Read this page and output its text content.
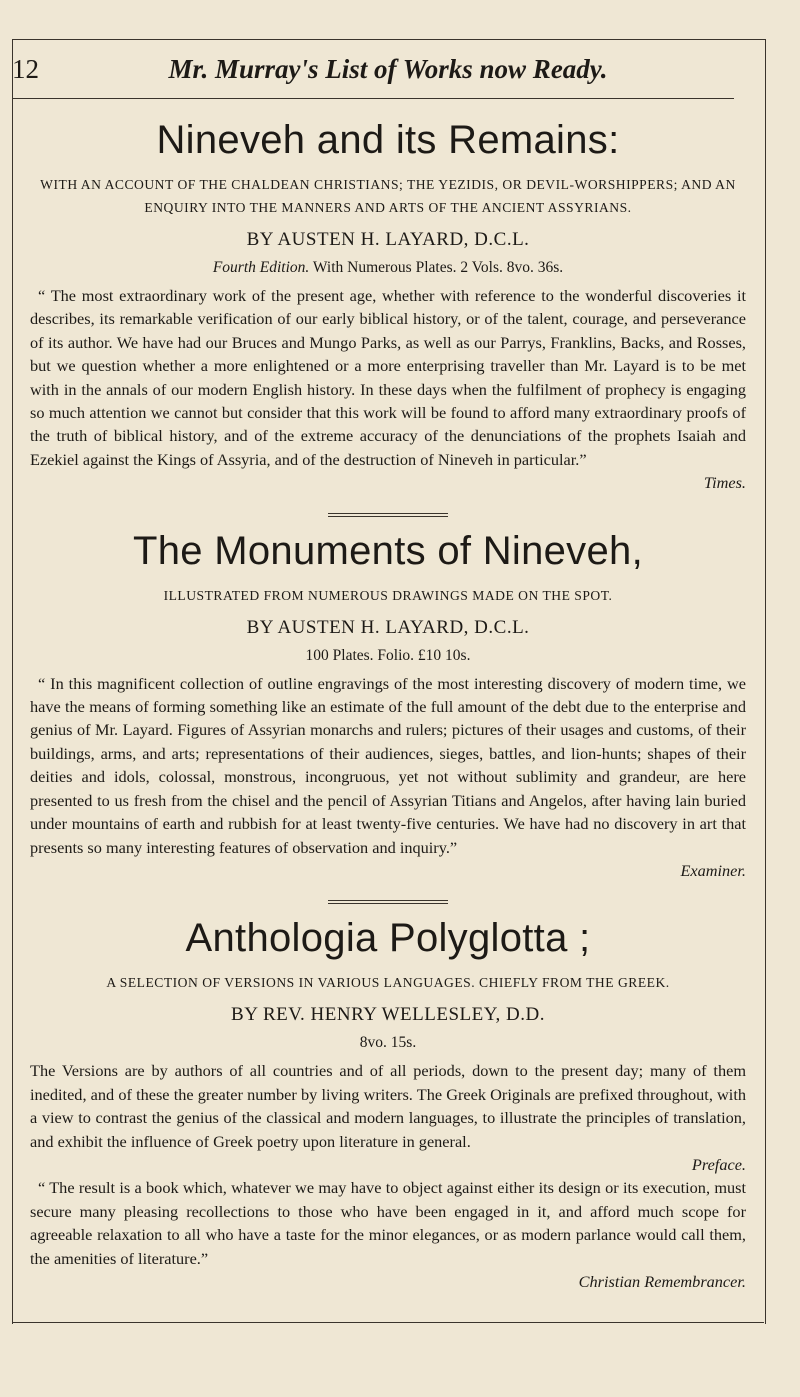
12	Mr. Murray's List of Works now Ready.
Nineveh and its Remains:

WITH AN ACCOUNT OF THE CHALDEAN CHRISTIANS; THE YEZIDIS, OR DEVIL-WORSHIPPERS; AND AN ENQUIRY INTO THE MANNERS AND ARTS OF THE ANCIENT ASSYRIANS.

BY AUSTEN H. LAYARD, D.C.L.
Fourth Edition. With Numerous Plates. 2 Vols. 8vo. 36s.

“ The most extraordinary work of the present age, whether with reference to the wonderful discoveries it describes, its remarkable verification of our early biblical history, or of the talent, courage, and perseverance of its author. We have had our Bruces and Mungo Parks, as well as our Parrys, Franklins, Backs, and Rosses, but we question whether a more enlightened or a more enterprising traveller than Mr. Layard is to be met with in the annals of our modern English history. In these days when the fulfilment of prophecy is engaging so much attention we cannot but consider that this work will be found to afford many extraordinary proofs of the truth of biblical history, and of the extreme accuracy of the denunciations of the prophets Isaiah and Ezekiel against the Kings of Assyria, and of the destruction of Nineveh in particular.”

Times.

The Monuments of Nineveh,

ILLUSTRATED FROM NUMEROUS DRAWINGS MADE ON THE SPOT.

BY AUSTEN H. LAYARD, D.C.L.
100 Plates. Folio. £10 10s.

“ In this magnificent collection of outline engravings of the most interesting discovery of modern time, we have the means of forming something like an estimate of the full amount of the debt due to the enterprise and genius of Mr. Layard. Figures of Assyrian monarchs and rulers; pictures of their usages and customs, of their buildings, arms, and arts; representations of their audiences, sieges, battles, and lion-hunts; shapes of their deities and idols, colossal, monstrous, incongruous, yet not without sublimity and grandeur, are here presented to us fresh from the chisel and the pencil of Assyrian Titians and Angelos, after having lain buried under mountains of earth and rubbish for at least twenty-five centuries. We have had no discovery in art that presents so many interesting features of observation and inquiry.”

Examiner.

Anthologia Polyglotta ;

A SELECTION OF VERSIONS IN VARIOUS LANGUAGES. CHIEFLY FROM THE GREEK.

BY REV. HENRY WELLESLEY, D.D.
8vo. 15s.

The Versions are by authors of all countries and of all periods, down to the present day; many of them inedited, and of these the greater number by living writers. The Greek Originals are prefixed throughout, with a view to contrast the genius of the classical and modern languages, to illustrate the principles of translation, and exhibit the influence of Greek poetry upon literature in general.

Preface.

“ The result is a book which, whatever we may have to object against either its design or its execution, must secure many pleasing recollections to those who have been engaged in it, and afford much scope for agreeable relaxation to all who have a taste for the minor elegances, or as modern parlance would call them, the amenities of literature.”

Christian Remembrancer.
